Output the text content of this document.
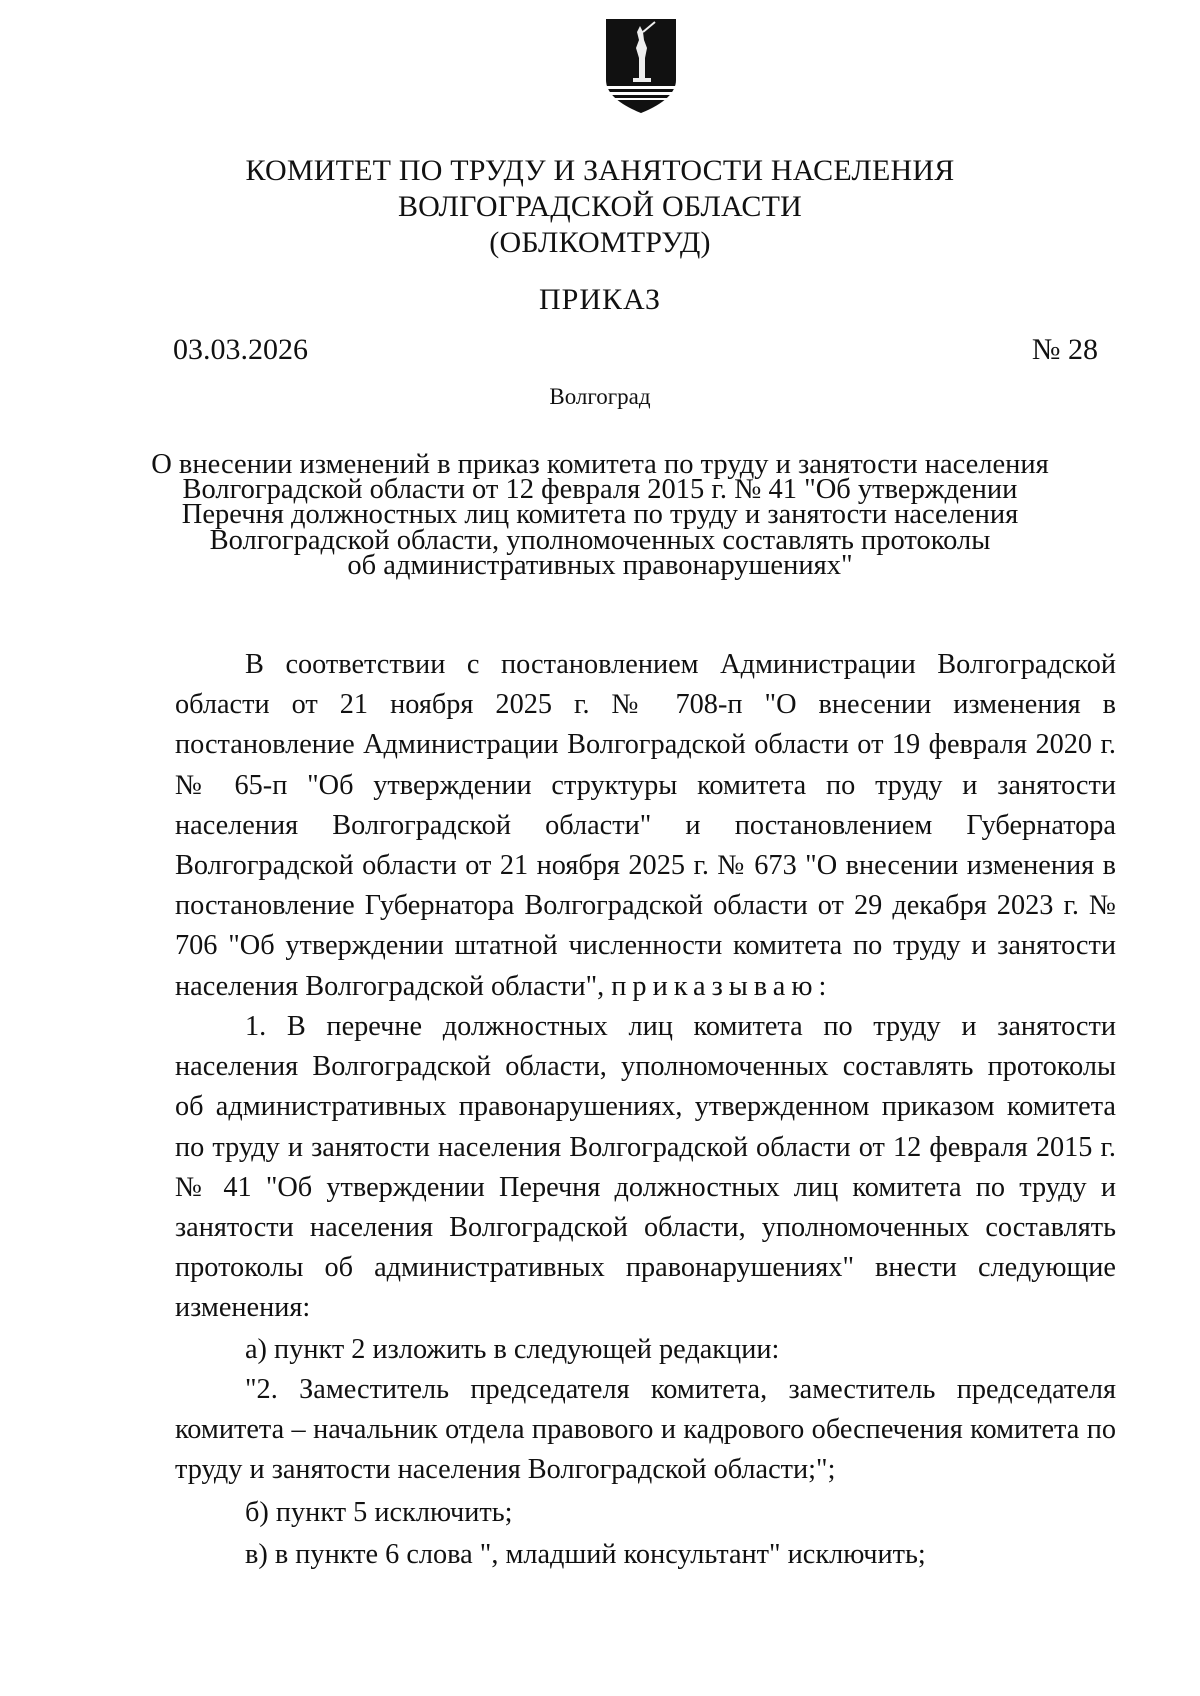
КОМИТЕТ ПО ТРУДУ И ЗАНЯТОСТИ НАСЕЛЕНИЯ
ВОЛГОГРАДСКОЙ ОБЛАСТИ
(ОБЛКОМТРУД)
ПРИКАЗ
03.03.2026	№ 28
Волгоград
О внесении изменений в приказ комитета по труду и занятости населения
Волгоградской области от 12 февраля 2015 г. № 41 "Об утверждении
Перечня должностных лиц комитета по труду и занятости населения
Волгоградской области, уполномоченных составлять протоколы
об административных правонарушениях"

В соответствии с постановлением Администрации Волгоградской области от 21 ноября 2025 г. № 708-п "О внесении изменения в постановление Администрации Волгоградской области от 19 февраля 2020 г. № 65-п "Об утверждении структуры комитета по труду и занятости населения Волгоградской области" и постановлением Губернатора Волгоградской области от 21 ноября 2025 г. № 673 "О внесении изменения в постановление Губернатора Волгоградской области от 29 декабря 2023 г. № 706 "Об утверждении штатной численности комитета по труду и занятости населения Волгоградской области", приказываю:

1. В перечне должностных лиц комитета по труду и занятости населения Волгоградской области, уполномоченных составлять протоколы об административных правонарушениях, утвержденном приказом комитета по труду и занятости населения Волгоградской области от 12 февраля 2015 г. № 41 "Об утверждении Перечня должностных лиц комитета по труду и занятости населения Волгоградской области, уполномоченных составлять протоколы об административных правонарушениях" внести следующие изменения:

а) пункт 2 изложить в следующей редакции:

"2. Заместитель председателя комитета, заместитель председателя комитета – начальник отдела правового и кадрового обеспечения комитета по труду и занятости населения Волгоградской области;";

б) пункт 5 исключить;

в) в пункте 6 слова ", младший консультант" исключить;
